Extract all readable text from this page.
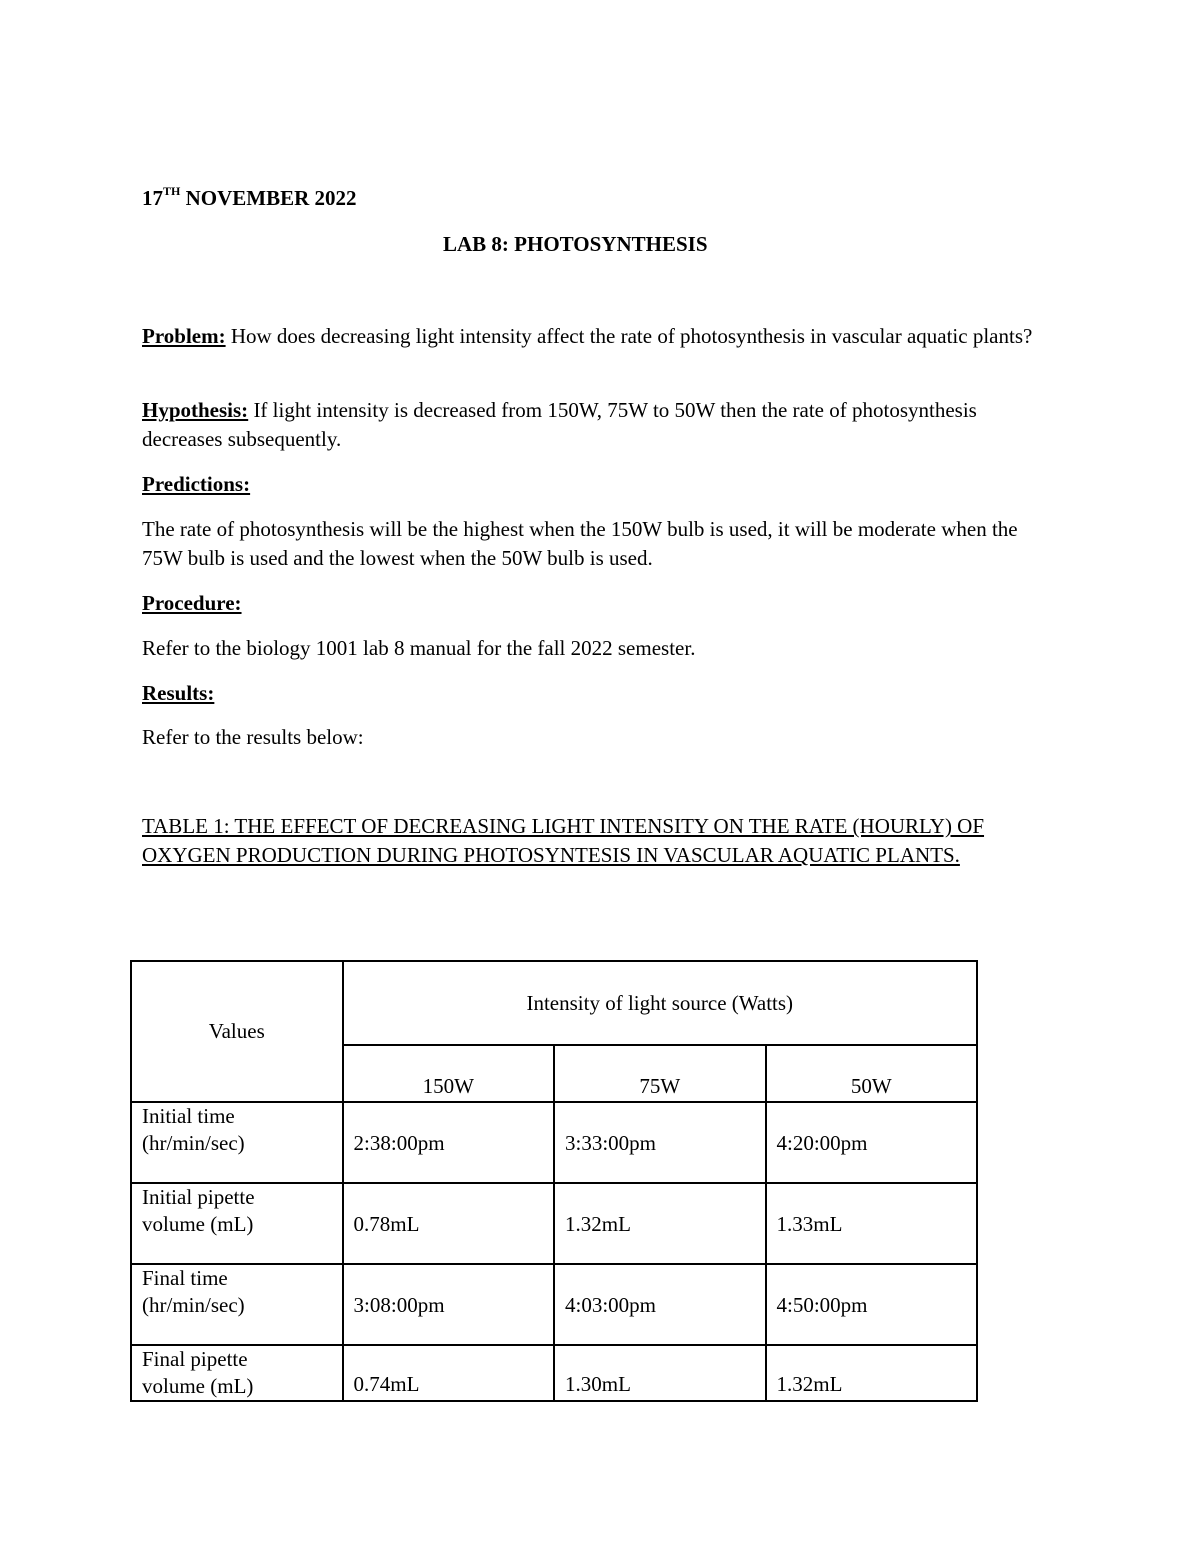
17TH NOVEMBER 2022
LAB 8: PHOTOSYNTHESIS
Problem: How does decreasing light intensity affect the rate of photosynthesis in vascular aquatic plants?
Hypothesis: If light intensity is decreased from 150W, 75W to 50W then the rate of photosynthesis decreases subsequently.
Predictions:
The rate of photosynthesis will be the highest when the 150W bulb is used, it will be moderate when the 75W bulb is used and the lowest when the 50W bulb is used.
Procedure:
Refer to the biology 1001 lab 8 manual for the fall 2022 semester.
Results:
Refer to the results below:
TABLE 1: THE EFFECT OF DECREASING LIGHT INTENSITY ON THE RATE (HOURLY) OF OXYGEN PRODUCTION DURING PHOTOSYNTESIS IN VASCULAR AQUATIC PLANTS.
Values	Intensity of light source (Watts)		
	150W	75W	50W

Initial time
(hr/min/sec)	2:38:00pm	3:33:00pm	4:20:00pm

Initial pipette
volume (mL)	0.78mL	1.32mL	1.33mL

Final time
(hr/min/sec)	3:08:00pm	4:03:00pm	4:50:00pm

Final pipette
volume (mL)	0.74mL	1.30mL	1.32mL
